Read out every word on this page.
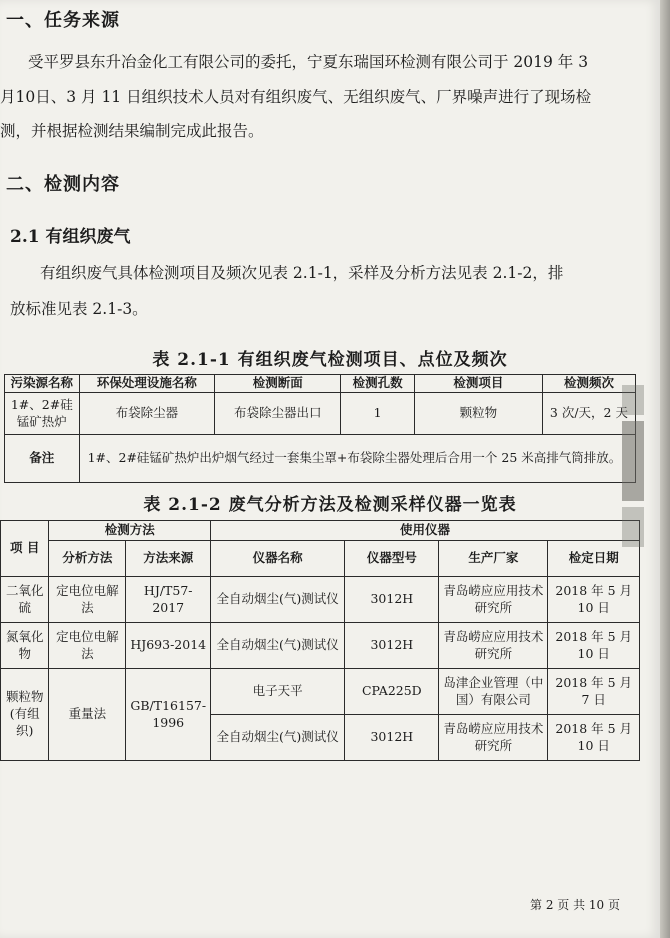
一、任务来源
受平罗县东升冶金化工有限公司的委托，宁夏东瑞国环检测有限公司于 2019 年 3
月10日、3 月 11 日组织技术人员对有组织废气、无组织废气、厂界噪声进行了现场检
测，并根据检测结果编制完成此报告。
二、检测内容
2.1 有组织废气
有组织废气具体检测项目及频次见表 2.1-1，采样及分析方法见表 2.1-2，排
放标准见表 2.1-3。
表 2.1-1 有组织废气检测项目、点位及频次
污染源名称	环保处理设施名称	检测断面	检测孔数	检测项目	检测频次
1#、2#硅锰矿热炉	布袋除尘器	布袋除尘器出口	1	颗粒物	3 次/天，2 天
备注	1#、2#硅锰矿热炉出炉烟气经过一套集尘罩+布袋除尘器处理后合用一个 25 米高排气筒排放。				
表 2.1-2 废气分析方法及检测采样仪器一览表
项 目	检测方法		使用仪器			
	分析方法	方法来源	仪器名称	仪器型号	生产厂家	检定日期
二氧化硫	定电位电解法	HJ/T57-2017	全自动烟尘(气)测试仪	3012H	青岛崂应应用技术研究所	2018 年 5 月 10 日
氮氧化物	定电位电解法	HJ693-2014	全自动烟尘(气)测试仪	3012H	青岛崂应应用技术研究所	2018 年 5 月 10 日
颗粒物(有组织)	重量法	GB/T16157-1996	电子天平	CPA225D	岛津企业管理（中国）有限公司	2018 年 5 月 7 日
			全自动烟尘(气)测试仪	3012H	青岛崂应应用技术研究所	2018 年 5 月 10 日
第 2 页 共 10 页
